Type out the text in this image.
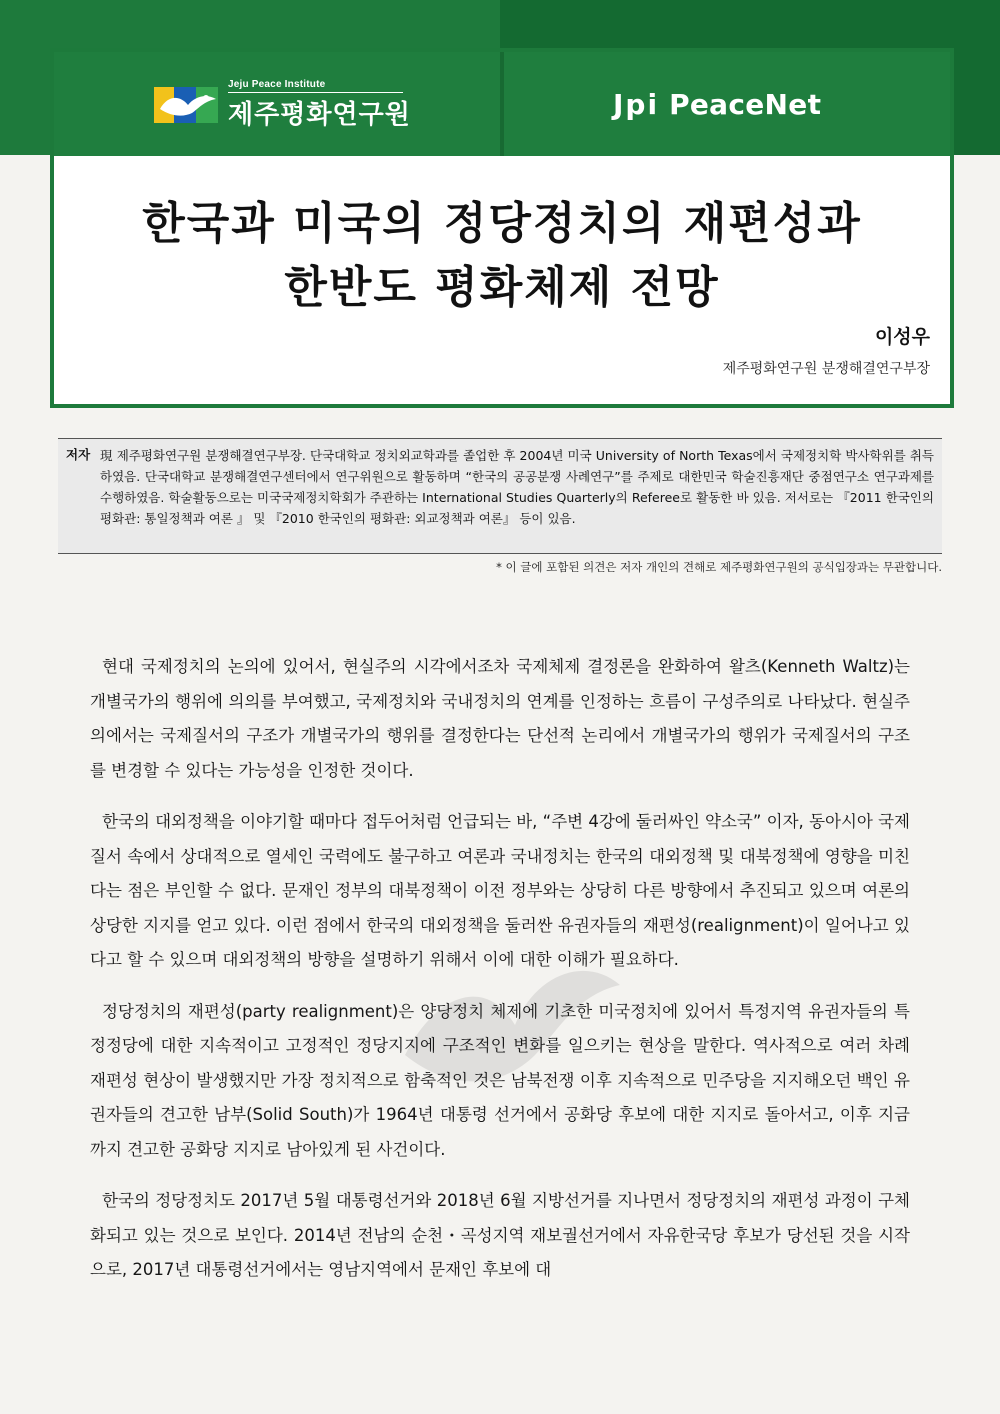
Jeju Peace Institute
제주평화연구원	Jpi PeaceNet
한국과 미국의 정당정치의 재편성과
한반도 평화체제 전망
이성우
제주평화연구원 분쟁해결연구부장
저자 現 제주평화연구원 분쟁해결연구부장. 단국대학교 정치외교학과를 졸업한 후 2004년 미국 University of North Texas에서 국제정치학 박사학위를 취득하였음. 단국대학교 분쟁해결연구센터에서 연구위원으로 활동하며 “한국의 공공분쟁 사례연구”를 주제로 대한민국 학술진흥재단 중점연구소 연구과제를 수행하였음. 학술활동으로는 미국국제정치학회가 주관하는 International Studies Quarterly의 Referee로 활동한 바 있음. 저서로는 『2011 한국인의 평화관: 통일정책과 여론 』 및 『2010 한국인의 평화관: 외교정책과 여론』 등이 있음.
* 이 글에 포함된 의견은 저자 개인의 견해로 제주평화연구원의 공식입장과는 무관합니다.

현대 국제정치의 논의에 있어서, 현실주의 시각에서조차 국제체제 결정론을 완화하여 왈츠(Kenneth Waltz)는 개별국가의 행위에 의의를 부여했고, 국제정치와 국내정치의 연계를 인정하는 흐름이 구성주의로 나타났다. 현실주의에서는 국제질서의 구조가 개별국가의 행위를 결정한다는 단선적 논리에서 개별국가의 행위가 국제질서의 구조를 변경할 수 있다는 가능성을 인정한 것이다.

한국의 대외정책을 이야기할 때마다 접두어처럼 언급되는 바, “주변 4강에 둘러싸인 약소국” 이자, 동아시아 국제질서 속에서 상대적으로 열세인 국력에도 불구하고 여론과 국내정치는 한국의 대외정책 및 대북정책에 영향을 미친다는 점은 부인할 수 없다. 문재인 정부의 대북정책이 이전 정부와는 상당히 다른 방향에서 추진되고 있으며 여론의 상당한 지지를 얻고 있다. 이런 점에서 한국의 대외정책을 둘러싼 유권자들의 재편성(realignment)이 일어나고 있다고 할 수 있으며 대외정책의 방향을 설명하기 위해서 이에 대한 이해가 필요하다.

정당정치의 재편성(party realignment)은 양당정치 체제에 기초한 미국정치에 있어서 특정지역 유권자들의 특정정당에 대한 지속적이고 고정적인 정당지지에 구조적인 변화를 일으키는 현상을 말한다. 역사적으로 여러 차례 재편성 현상이 발생했지만 가장 정치적으로 함축적인 것은 남북전쟁 이후 지속적으로 민주당을 지지해오던 백인 유권자들의 견고한 남부(Solid South)가 1964년 대통령 선거에서 공화당 후보에 대한 지지로 돌아서고, 이후 지금까지 견고한 공화당 지지로 남아있게 된 사건이다.

한국의 정당정치도 2017년 5월 대통령선거와 2018년 6월 지방선거를 지나면서 정당정치의 재편성 과정이 구체화되고 있는 것으로 보인다. 2014년 전남의 순천・곡성지역 재보궐선거에서 자유한국당 후보가 당선된 것을 시작으로, 2017년 대통령선거에서는 영남지역에서 문재인 후보에 대
